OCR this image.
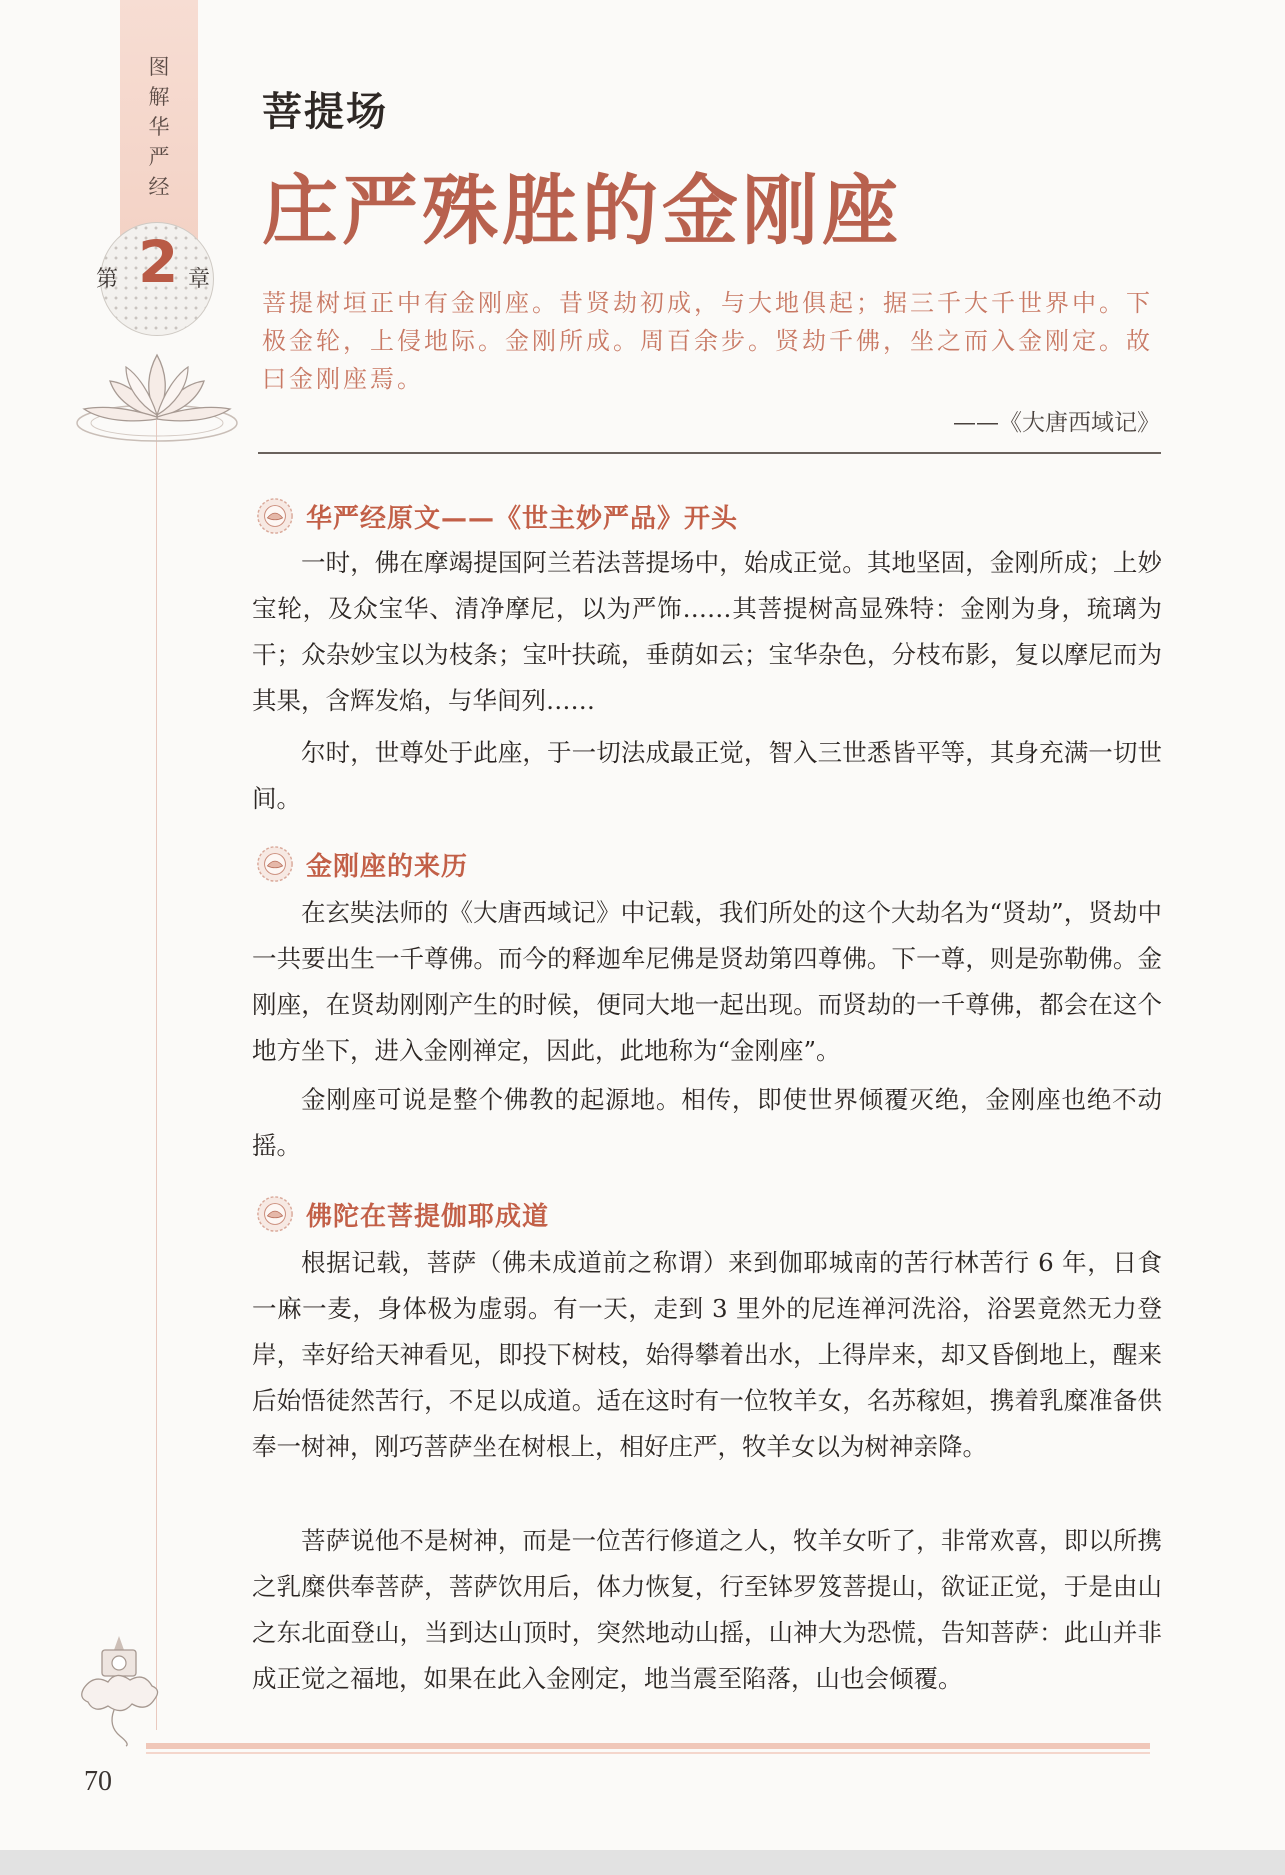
图解华严经
第 2 章
菩提场
庄严殊胜的金刚座
菩提树垣正中有金刚座。昔贤劫初成，与大地俱起；据三千大千世界中。下极金轮，上侵地际。金刚所成。周百余步。贤劫千佛，坐之而入金刚定。故曰金刚座焉。
——《大唐西域记》
华严经原文——《世主妙严品》开头

一时，佛在摩竭提国阿兰若法菩提场中，始成正觉。其地坚固，金刚所成；上妙宝轮，及众宝华、清净摩尼，以为严饰……其菩提树高显殊特：金刚为身，琉璃为干；众杂妙宝以为枝条；宝叶扶疏，垂荫如云；宝华杂色，分枝布影，复以摩尼而为其果，含辉发焰，与华间列……

尔时，世尊处于此座，于一切法成最正觉，智入三世悉皆平等，其身充满一切世间。

金刚座的来历

在玄奘法师的《大唐西域记》中记载，我们所处的这个大劫名为“贤劫”，贤劫中一共要出生一千尊佛。而今的释迦牟尼佛是贤劫第四尊佛。下一尊，则是弥勒佛。金刚座，在贤劫刚刚产生的时候，便同大地一起出现。而贤劫的一千尊佛，都会在这个地方坐下，进入金刚禅定，因此，此地称为“金刚座”。

金刚座可说是整个佛教的起源地。相传，即使世界倾覆灭绝，金刚座也绝不动摇。

佛陀在菩提伽耶成道

根据记载，菩萨（佛未成道前之称谓）来到伽耶城南的苦行林苦行 6 年，日食一麻一麦，身体极为虚弱。有一天，走到 3 里外的尼连禅河洗浴，浴罢竟然无力登岸，幸好给天神看见，即投下树枝，始得攀着出水，上得岸来，却又昏倒地上，醒来后始悟徒然苦行，不足以成道。适在这时有一位牧羊女，名苏稼妲，携着乳糜准备供奉一树神，刚巧菩萨坐在树根上，相好庄严，牧羊女以为树神亲降。

菩萨说他不是树神，而是一位苦行修道之人，牧羊女听了，非常欢喜，即以所携之乳糜供奉菩萨，菩萨饮用后，体力恢复，行至钵罗笈菩提山，欲证正觉，于是由山之东北面登山，当到达山顶时，突然地动山摇，山神大为恐慌，告知菩萨：此山并非成正觉之福地，如果在此入金刚定，地当震至陷落，山也会倾覆。

70
